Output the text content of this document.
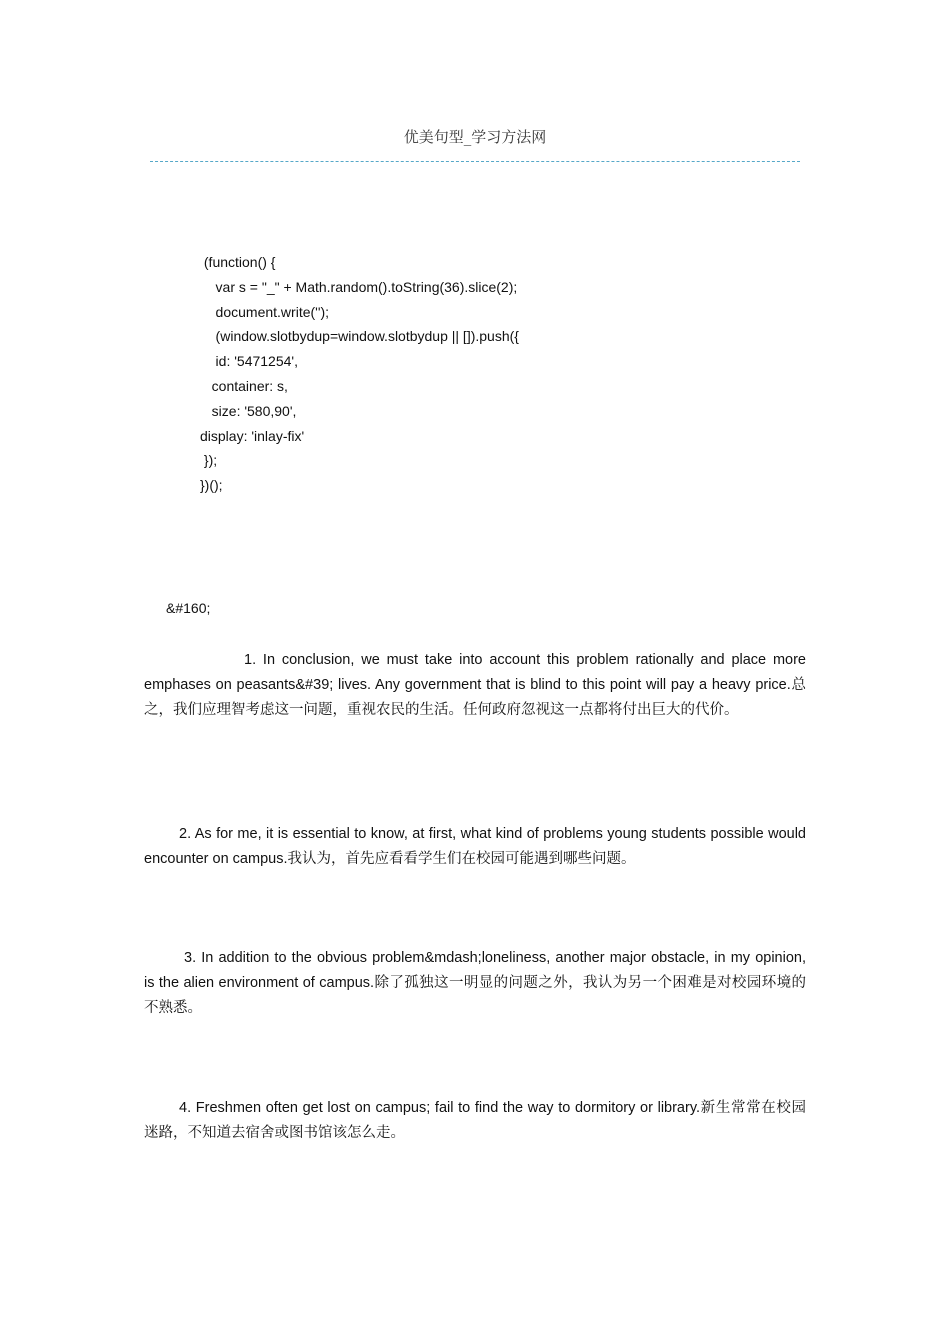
优美句型_学习方法网
(function() {
var s = "_" + Math.random().toString(36).slice(2);
document.write('');
(window.slotbydup=window.slotbydup || []).push({
id: '5471254',
container: s,
size: '580,90',
display: 'inlay-fix'
});
})();
&#160;

1. In conclusion, we must take into account this problem rationally and place more emphases on peasants&#39; lives. Any government that is blind to this point will pay a heavy price.总之，我们应理智考虑这一问题，重视农民的生活。任何政府忽视这一点都将付出巨大的代价。

2. As for me, it is essential to know, at first, what kind of problems young students possible would encounter on campus.我认为，首先应看看学生们在校园可能遇到哪些问题。

3. In addition to the obvious problem&mdash;loneliness, another major obstacle, in my opinion, is the alien environment of campus.除了孤独这一明显的问题之外，我认为另一个困难是对校园环境的不熟悉。

4. Freshmen often get lost on campus; fail to find the way to dormitory or library.新生常常在校园迷路，不知道去宿舍或图书馆该怎么走。
